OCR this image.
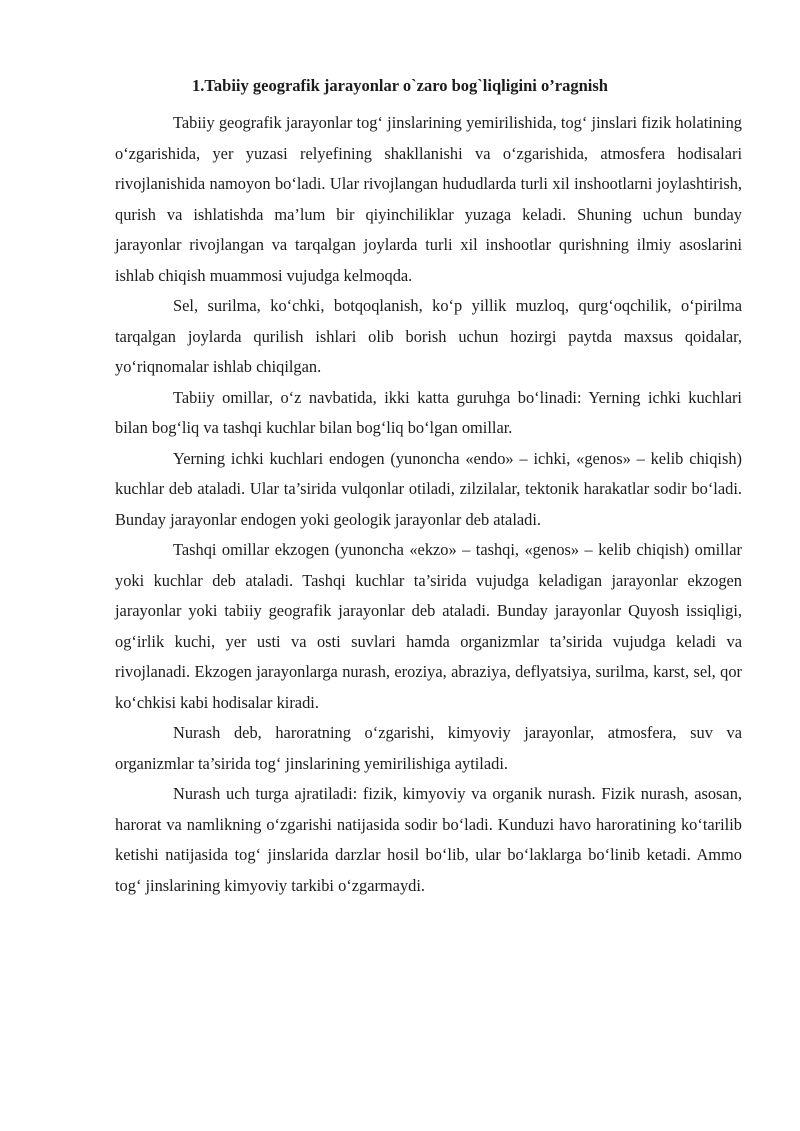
1.Tabiiy geografik jarayonlar o`zaro bog`liqligini o’ragnish

Tabiiy geografik jarayonlar tog‘ jinslarining yemirilishida, tog‘ jinslari fizik holatining o‘zgarishida, yer yuzasi relyefining shakllanishi va o‘zgarishida, atmosfera hodisalari rivojlanishida namoyon bo‘ladi. Ular rivojlangan hududlarda turli xil inshootlarni joylashtirish, qurish va ishlatishda ma’lum bir qiyinchiliklar yuzaga keladi. Shuning uchun bunday jarayonlar rivojlangan va tarqalgan joylarda turli xil inshootlar qurishning ilmiy asoslarini ishlab chiqish muammosi vujudga kelmoqda.

Sel, surilma, ko‘chki, botqoqlanish, ko‘p yillik muzloq, qurg‘oqchilik, o‘pirilma tarqalgan joylarda qurilish ishlari olib borish uchun hozirgi paytda maxsus qoidalar, yo‘riqnomalar ishlab chiqilgan.

Tabiiy omillar, o‘z navbatida, ikki katta guruhga bo‘linadi: Yerning ichki kuchlari bilan bog‘liq va tashqi kuchlar bilan bog‘liq bo‘lgan omillar.

Yerning ichki kuchlari endogen (yunoncha «endo» – ichki, «genos» – kelib chiqish) kuchlar deb ataladi. Ular ta’sirida vulqonlar otiladi, zilzilalar, tektonik harakatlar sodir bo‘ladi. Bunday jarayonlar endogen yoki geologik jarayonlar deb ataladi.

Tashqi omillar ekzogen (yunoncha «ekzo» – tashqi, «genos» – kelib chiqish) omillar yoki kuchlar deb ataladi. Tashqi kuchlar ta’sirida vujudga keladigan jarayonlar ekzogen jarayonlar yoki tabiiy geografik jarayonlar deb ataladi. Bunday jarayonlar Quyosh issiqligi, og‘irlik kuchi, yer usti va osti suvlari hamda organizmlar ta’sirida vujudga keladi va rivojlanadi. Ekzogen jarayonlarga nurash, eroziya, abraziya, deflyatsiya, surilma, karst, sel, qor ko‘chkisi kabi hodisalar kiradi.

Nurash deb, haroratning o‘zgarishi, kimyoviy jarayonlar, atmosfera, suv va organizmlar ta’sirida tog‘ jinslarining yemirilishiga aytiladi.

Nurash uch turga ajratiladi: fizik, kimyoviy va organik nurash. Fizik nurash, asosan, harorat va namlikning o‘zgarishi natijasida sodir bo‘ladi. Kunduzi havo haroratining ko‘tarilib ketishi natijasida tog‘ jinslarida darzlar hosil bo‘lib, ular bo‘laklarga bo‘linib ketadi. Ammo tog‘ jinslarining kimyoviy tarkibi o‘zgarmaydi.
